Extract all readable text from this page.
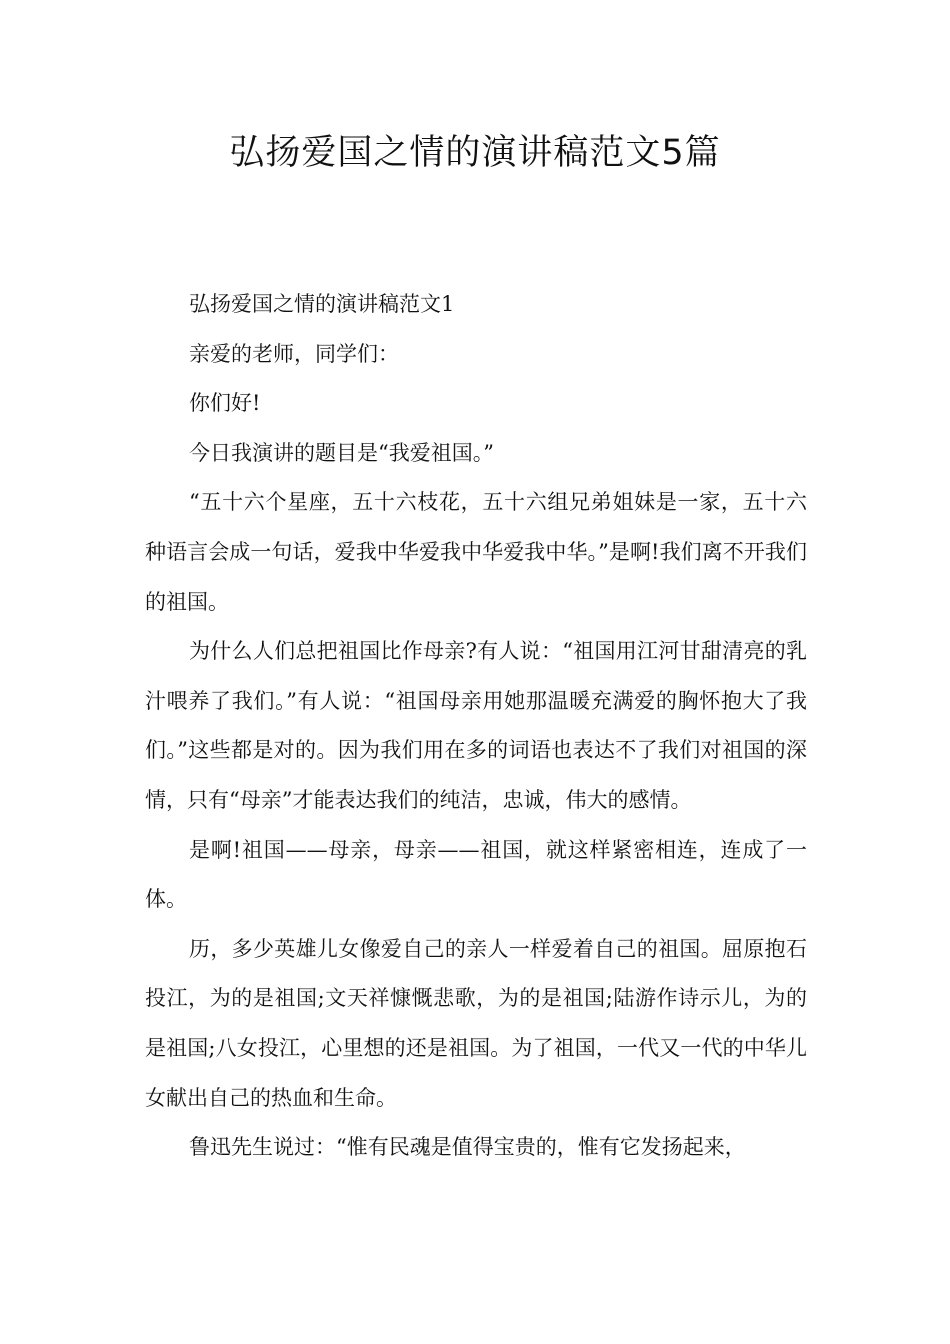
弘扬爱国之情的演讲稿范文5篇

弘扬爱国之情的演讲稿范文1

亲爱的老师，同学们：

你们好!

今日我演讲的题目是“我爱祖国。”

“五十六个星座，五十六枝花，五十六组兄弟姐妹是一家，五十六种语言会成一句话，爱我中华爱我中华爱我中华。”是啊!我们离不开我们的祖国。

为什么人们总把祖国比作母亲?有人说：“祖国用江河甘甜清亮的乳汁喂养了我们。”有人说：“祖国母亲用她那温暖充满爱的胸怀抱大了我们。”这些都是对的。因为我们用在多的词语也表达不了我们对祖国的深情，只有“母亲”才能表达我们的纯洁，忠诚，伟大的感情。

是啊!祖国——母亲，母亲——祖国，就这样紧密相连，连成了一体。

历，多少英雄儿女像爱自己的亲人一样爱着自己的祖国。屈原抱石投江，为的是祖国;文天祥慷慨悲歌，为的是祖国;陆游作诗示儿，为的是祖国;八女投江，心里想的还是祖国。为了祖国，一代又一代的中华儿女献出自己的热血和生命。

鲁迅先生说过：“惟有民魂是值得宝贵的，惟有它发扬起来，
